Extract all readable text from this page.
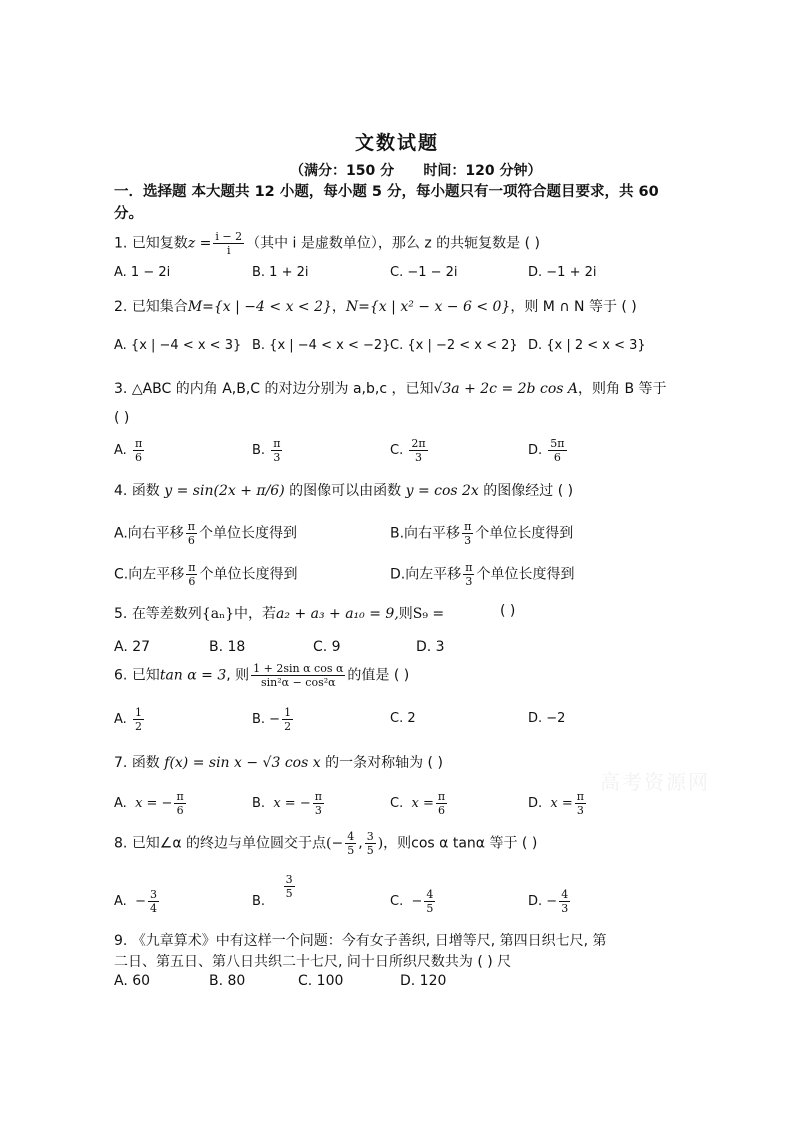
文数试题
（满分：150 分      时间：120 分钟）
一．选择题 本大题共 12 小题，每小题 5 分，每小题只有一项符合题目要求，共 60 分。
1. 已知复数$z = \frac{i - 2}{i}$ （其中 i 是虚数单位），那么 z 的共轭复数是 ( )
A. 1 − 2i	B. 1 + 2i	C. −1 − 2i	D. −1 + 2i
2. 已知集合M={x | −4 < x < 2}，N={x | x² − x − 6 < 0}，则 M ∩ N 等于 ( )
A. {x | −4 < x < 3} B. {x | −4 < x < −2} C. {x | −2 < x < 2} D. {x | 2 < x < 3}
3. △ABC 的内角 A,B,C 的对边分别为 a,b,c ，已知√3a + 2c = 2b cos A，则角 B 等于
( )
A. $\frac{\pi}{6}$	B. $\frac{\pi}{3}$	C. $\frac{2\pi}{3}$	D. $\frac{5\pi}{6}$
4. 函数 y = sin(2x + π/6) 的图像可以由函数 y = cos 2x 的图像经过 ( )
A.向右平移 $\frac{\pi}{6}$ 个单位长度得到	B.向右平移 $\frac{\pi}{3}$ 个单位长度得到
C.向左平移 $\frac{\pi}{6}$ 个单位长度得到	D.向左平移 $\frac{\pi}{3}$ 个单位长度得到
5. 在等差数列{aₙ}中，若a₂ + a₃ + a₁₀ = 9,则S₉ =	( )
A. 27	B. 18	C. 9	D. 3
6. 已知tan α = 3, 则 $\frac{\text{1 + 2sin α cos α}}{\text{sin²α − cos²α}}$ 的值是 ( )
A. $\frac{1}{2}$	B. − $\frac{1}{2}$	C. 2	D. −2
7. 函数 f(x) = sin x − √3 cos x 的一条对称轴为 ( )
A. x = − $\frac{\pi}{6}$	B. x = − $\frac{\pi}{3}$	C. $x = \frac{\pi}{6}$	D. $x = \frac{\pi}{3}$
8. 已知∠α 的终边与单位圆交于点(− $\frac{4}{5}$ , $\frac{3}{5}$ )，则cos α tanα 等于 ( )
A. − $\frac{3}{4}$	B.
$\frac{3}{5}$
C. − $\frac{4}{5}$	D. − $\frac{4}{3}$
9. 《九章算术》中有这样一个问题：今有女子善织, 日增等尺, 第四日织七尺, 第
二日、第五日、第八日共织二十七尺, 问十日所织尺数共为 ( ) 尺
A. 60	B. 80	C. 100	D. 120
高考资源网
